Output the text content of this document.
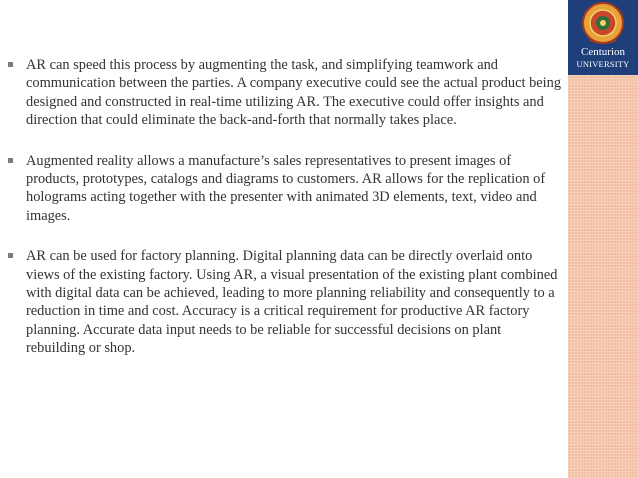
Centurion
UNIVERSITY
AR can speed this process by augmenting the task, and simplifying teamwork and communication between the parties. A company executive could see the actual product being designed and constructed in real-time utilizing AR. The executive could offer insights and direction that could eliminate the back-and-forth that normally takes place.
Augmented reality allows a manufacture’s sales representatives to present images of products, prototypes, catalogs and diagrams to customers. AR allows for the replication of holograms acting together with the presenter with animated 3D elements, text, video and images.
AR can be used for factory planning. Digital planning data can be directly overlaid onto views of the existing factory. Using AR, a visual presentation of the existing plant combined with digital data can be achieved, leading to more planning reliability and consequently to a reduction in time and cost. Accuracy is a critical requirement for productive AR factory planning. Accurate data input needs to be reliable for successful decisions on plant rebuilding or shop.
